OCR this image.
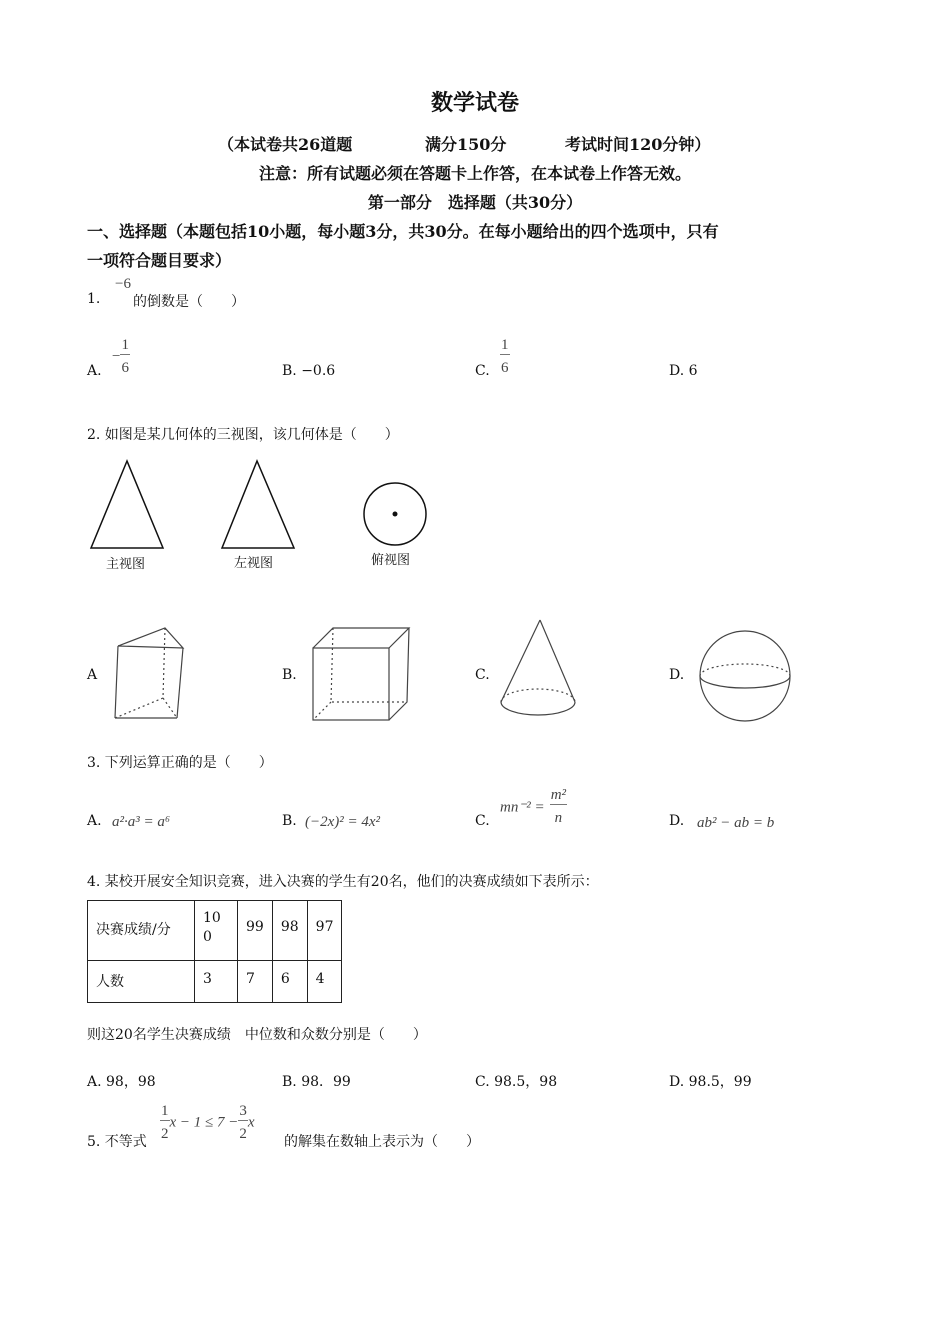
数学试卷
（本试卷共26道题	满分150分	考试时间120分钟）
注意：所有试题必须在答题卡上作答，在本试卷上作答无效。
第一部分　选择题（共30分）
一、选择题（本题包括10小题，每小题3分，共30分。在每小题给出的四个选项中，只有
一项符合题目要求）
1.
−6
的倒数是（　　）
A.
− $\frac{1}{6}$	B. −0.6	C. $\frac{1}{6}$	D. 6
2. 如图是某几何体的三视图，该几何体是（　　）
主视图	左视图	俯视图
A	B.	C.	D.
3. 下列运算正确的是（　　）
A. a²·a³ = a⁶	B. (−2x)² = 4x²	C.
$mn^{-2} = \frac{\text{m²}}{n}$	D. ab² − ab = b
4. 某校开展安全知识竞赛，进入决赛的学生有20名，他们的决赛成绩如下表所示：
决赛成绩/分	10
0	99	98	97
人数	3	7	6	4
则这20名学生决赛成绩　中位数和众数分别是（　　）
A. 98，98	B. 98．99	C. 98.5，98	D. 98.5，99
5. 不等式 $\frac{1}{2}$ $x - 1 \le 7 - \frac{3}{2}$ x
的解集在数轴上表示为（　　）
